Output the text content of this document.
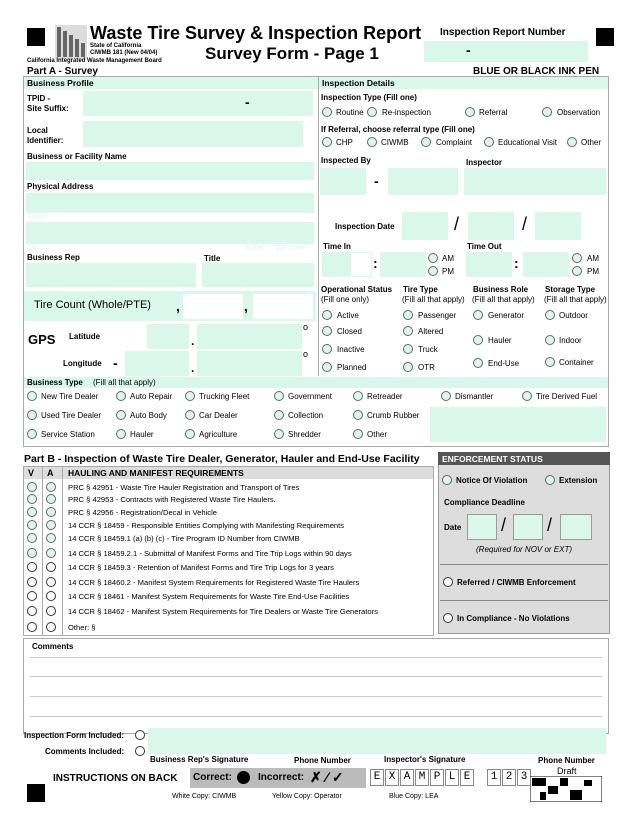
Waste Tire Survey & Inspection Report
State of California
CIWMB 181 (New 04/04)
California Integrated Waste Management Board	Survey Form - Page 1
Inspection Report Number
-
Part A - Survey	BLUE OR BLACK INK PEN
Business Profile
TPID -
Site Suffix:	-
Local
Identifier:
Business or Facility Name
Physical Address
Street
City	State ZIP Code
Business Rep	Title
Inspection Details
Inspection Type (Fill one)
Routine Re-inspection	Referral	Observation
If Referral, choose referral type (Fill one)
CHP	CIWMB	Complaint	Educational Visit	Other
Inspected By	Inspector
-
Inspection Date	/	/
Time In	Time Out
:	AM
PM
:	AM
PM
Tire Count (Whole/PTE) ,	,
GPS Latitude	.
o
Longitude -	.
o
Operational Status
(Fill one only)
Active
Closed
Inactive
Planned
Tire Type
(Fill all that apply)
Passenger
Altered
Truck
OTR
Business Role
(Fill all that apply)
Generator
Hauler
End-Use
Storage Type
(Fill all that apply)
Outdoor
Indoor
Container
Business Type (Fill all that apply)
New Tire Dealer	Auto Repair	Trucking Fleet	Government	Retreader	Dismantler	Tire Derived Fuel
Used Tire Dealer	Auto Body	Car Dealer	Collection	Crumb Rubber
Service Station	Hauler	Agriculture	Shredder	Other
Part B - Inspection of Waste Tire Dealer, Generator, Hauler and End-Use Facility
V A HAULING AND MANIFEST REQUIREMENTS
PRC § 42951 - Waste Tire Hauler Registration and Transport of Tires
PRC § 42953 - Contracts with Registered Waste Tire Haulers.
PRC § 42956 - Registration/Decal in Vehicle
14 CCR § 18459 - Responsible Entities Complying with Manifesting Requirements
14 CCR § 18459.1 (a) (b) (c) - Tire Program ID Number from CIWMB
14 CCR § 18459.2.1 - Submittal of Manifest Forms and Tire Trip Logs within 90 days
14 CCR § 18459.3 - Retention of Manifest Forms and Tire Trip Logs for 3 years
14 CCR § 18460.2 - Manifest System Requirements for Registered Waste Tire Haulers
14 CCR § 18461 - Manifest System Requirements for Waste Tire End-Use Facilities
14 CCR § 18462 - Manifest System Requirements for Tire Dealers or Waste Tire Generators
Other: §
ENFORCEMENT STATUS
Notice Of Violation	Extension
Compliance Deadline
Date / /
(Required for NOV or EXT)
Referred / CIWMB Enforcement
In Compliance - No Violations
Comments
Inspection Form Included:
Comments Included:
Business Rep's Signature	Phone Number	Inspector's Signature	Phone Number
INSTRUCTIONS ON BACK Correct:	Incorrect: ✗ ⁄ ✓	E X A M P L E	1 2 3	Draft
White Copy: CIWMB	Yellow Copy: Operator	Blue Copy: LEA
